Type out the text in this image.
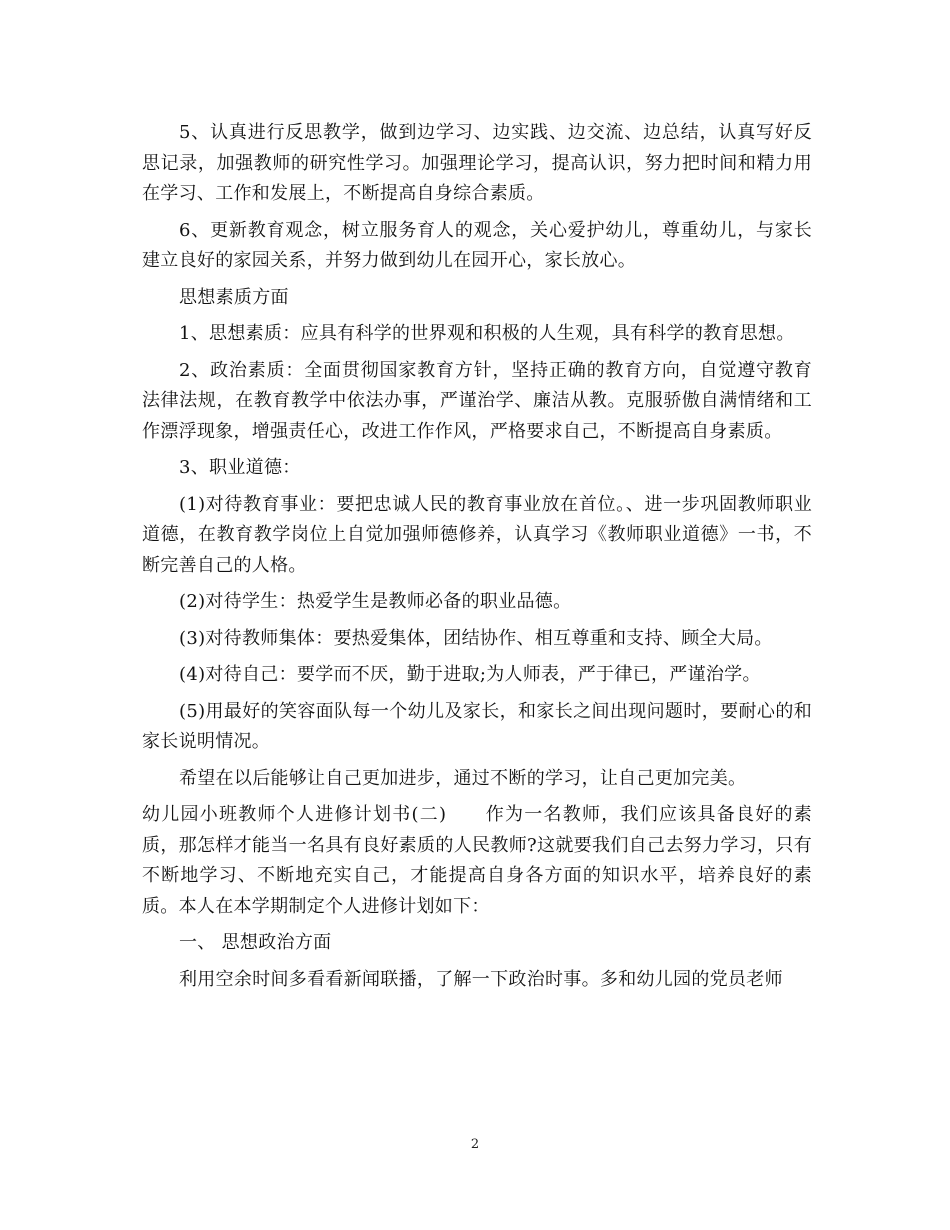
5、认真进行反思教学，做到边学习、边实践、边交流、边总结，认真写好反思记录，加强教师的研究性学习。加强理论学习，提高认识，努力把时间和精力用在学习、工作和发展上，不断提高自身综合素质。

6、更新教育观念，树立服务育人的观念，关心爱护幼儿，尊重幼儿，与家长建立良好的家园关系，并努力做到幼儿在园开心，家长放心。

思想素质方面

1、思想素质：应具有科学的世界观和积极的人生观，具有科学的教育思想。

2、政治素质：全面贯彻国家教育方针，坚持正确的教育方向，自觉遵守教育法律法规，在教育教学中依法办事，严谨治学、廉洁从教。克服骄傲自满情绪和工作漂浮现象，增强责任心，改进工作作风，严格要求自己，不断提高自身素质。

3、职业道德：

(1)对待教育事业：要把忠诚人民的教育事业放在首位。、进一步巩固教师职业道德，在教育教学岗位上自觉加强师德修养，认真学习《教师职业道德》一书，不断完善自己的人格。

(2)对待学生：热爱学生是教师必备的职业品德。

(3)对待教师集体：要热爱集体，团结协作、相互尊重和支持、顾全大局。

(4)对待自己：要学而不厌，勤于进取;为人师表，严于律已，严谨治学。

(5)用最好的笑容面队每一个幼儿及家长，和家长之间出现问题时，要耐心的和家长说明情况。

希望在以后能够让自己更加进步，通过不断的学习，让自己更加完美。

幼儿园小班教师个人进修计划书(二)　　作为一名教师，我们应该具备良好的素质，那怎样才能当一名具有良好素质的人民教师?这就要我们自己去努力学习，只有不断地学习、不断地充实自己，才能提高自身各方面的知识水平，培养良好的素质。本人在本学期制定个人进修计划如下：

一、 思想政治方面

利用空余时间多看看新闻联播，了解一下政治时事。多和幼儿园的党员老师

2
